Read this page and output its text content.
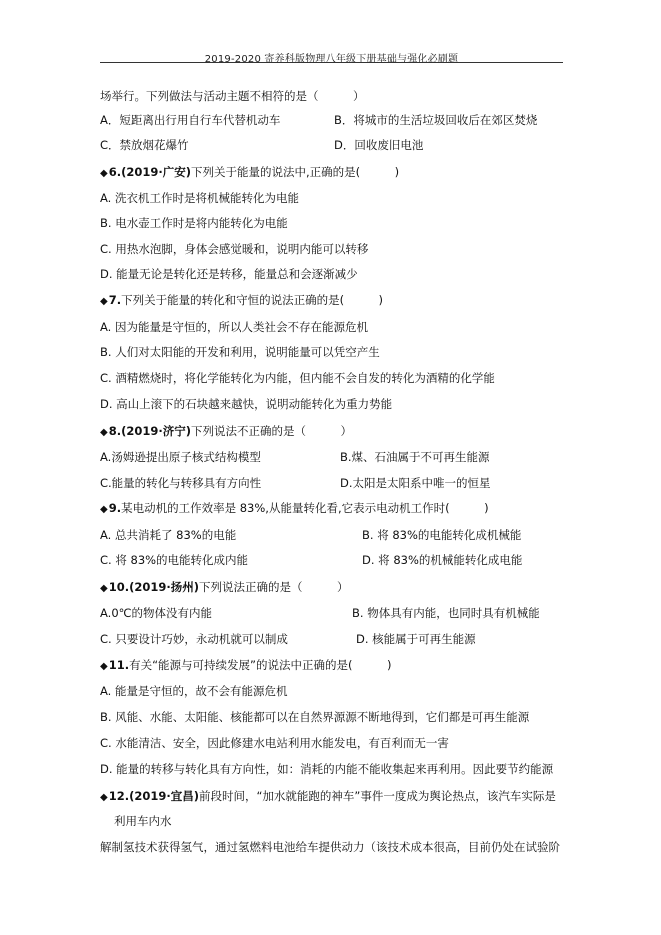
2019-2020 寄养科版物理八年级下册基础与强化必刷题
场举行。下列做法与活动主题不相符的是（　　　）
A．短距离出行用自行车代替机动车	B．将城市的生活垃圾回收后在郊区焚烧
C．禁放烟花爆竹	D．回收废旧电池
◆6.(2019·广安)下列关于能量的说法中,正确的是(　　　)
A. 洗衣机工作时是将机械能转化为电能
B. 电水壶工作时是将内能转化为电能
C. 用热水泡脚，身体会感觉暖和，说明内能可以转移
D. 能量无论是转化还是转移，能量总和会逐渐减少
◆7.下列关于能量的转化和守恒的说法正确的是(　　　)
A. 因为能量是守恒的，所以人类社会不存在能源危机
B. 人们对太阳能的开发和利用，说明能量可以凭空产生
C. 酒精燃烧时，将化学能转化为内能，但内能不会自发的转化为酒精的化学能
D. 高山上滚下的石块越来越快，说明动能转化为重力势能
◆8.(2019·济宁)下列说法不正确的是（　　　）
A.汤姆逊提出原子核式结构模型	B.煤、石油属于不可再生能源
C.能量的转化与转移具有方向性	D.太阳是太阳系中唯一的恒星
◆9.某电动机的工作效率是 83%,从能量转化看,它表示电动机工作时(　　　)
A. 总共消耗了 83%的电能	B. 将 83%的电能转化成机械能
C. 将 83%的电能转化成内能	D. 将 83%的机械能转化成电能
◆10.(2019·扬州)下列说法正确的是（　　　）
A.0℃的物体没有内能	B. 物体具有内能，也同时具有机械能
C. 只要设计巧妙，永动机就可以制成	D. 核能属于可再生能源
◆11.有关“能源与可持续发展”的说法中正确的是(　　　)
A. 能量是守恒的，故不会有能源危机
B. 风能、水能、太阳能、核能都可以在自然界源源不断地得到，它们都是可再生能源
C. 水能清洁、安全，因此修建水电站利用水能发电，有百利而无一害
D. 能量的转移与转化具有方向性，如：消耗的内能不能收集起来再利用。因此要节约能源
◆12.(2019·宜昌)前段时间，“加水就能跑的神车”事件一度成为舆论热点，该汽车实际是
利用车内水
解制氢技术获得氢气，通过氢燃料电池给车提供动力（该技术成本很高，目前仍处在试验阶
